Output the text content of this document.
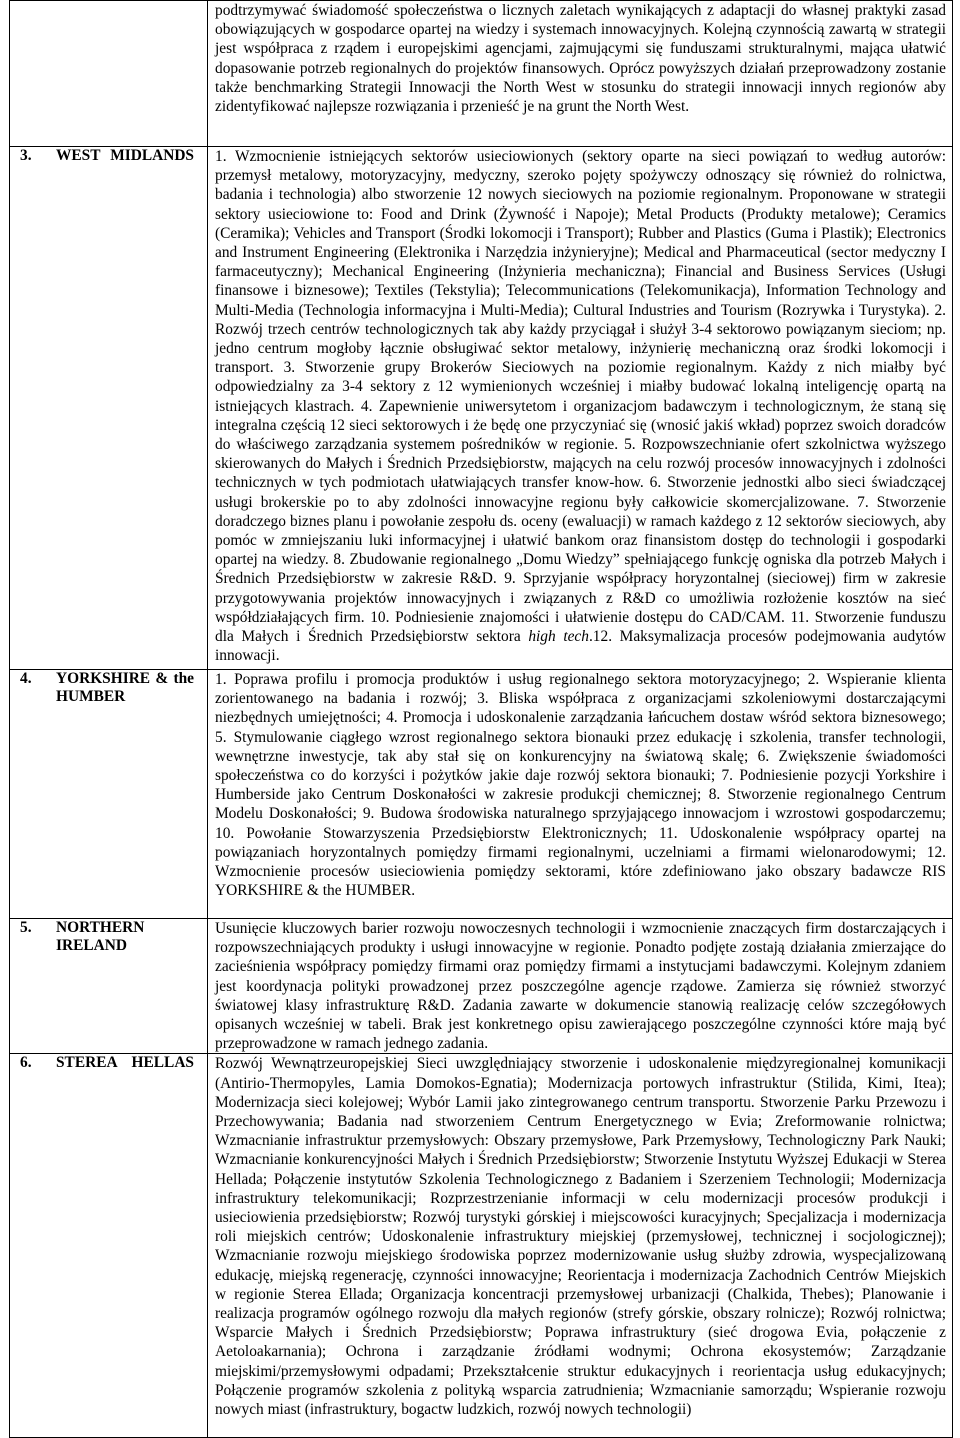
	podtrzymywać świadomość społeczeństwa o licznych zaletach wynikających z adaptacji do własnej praktyki zasad obowiązujących w gospodarce opartej na wiedzy i systemach innowacyjnych. Kolejną czynnością zawartą w strategii jest współpraca z rządem i europejskimi agencjami, zajmującymi się funduszami strukturalnymi, mająca ułatwić dopasowanie potrzeb regionalnych do projektów finansowych. Oprócz powyższych działań przeprowadzony zostanie także benchmarking Strategii Innowacji the North West w stosunku do strategii innowacji innych regionów aby zidentyfikować najlepsze rozwiązania i przenieść je na grunt the North West.

3. WEST MIDLANDS	1. Wzmocnienie istniejących sektorów usieciowionych (sektory oparte na sieci powiązań to według autorów: przemysł metalowy, motoryzacyjny, medyczny, szeroko pojęty spożywczy odnoszący się również do rolnictwa, badania i technologia) albo stworzenie 12 nowych sieciowych na poziomie regionalnym. Proponowane w strategii sektory usieciowione to: Food and Drink (Żywność i Napoje); Metal Products (Produkty metalowe); Ceramics (Ceramika); Vehicles and Transport (Środki lokomocji i Transport); Rubber and Plastics (Guma i Plastik); Electronics and Instrument Engineering (Elektronika i Narzędzia inżynieryjne); Medical and Pharmaceutical (sector medyczny I farmaceutyczny); Mechanical Engineering (Inżynieria mechaniczna); Financial and Business Services (Usługi finansowe i biznesowe); Textiles (Tekstylia); Telecommunications (Telekomunikacja), Information Technology and Multi-Media (Technologia informacyjna i Multi-Media); Cultural Industries and Tourism (Rozrywka i Turystyka). 2. Rozwój trzech centrów technologicznych tak aby każdy przyciągał i służył 3-4 sektorowo powiązanym sieciom; np. jedno centrum mogłoby łącznie obsługiwać sektor metalowy, inżynierię mechaniczną oraz środki lokomocji i transport. 3. Stworzenie grupy Brokerów Sieciowych na poziomie regionalnym. Każdy z nich miałby być odpowiedzialny za 3-4 sektory z 12 wymienionych wcześniej i miałby budować lokalną inteligencję opartą na istniejących klastrach. 4. Zapewnienie uniwersytetom i organizacjom badawczym i technologicznym, że staną się integralna częścią 12 sieci sektorowych i że będę one przyczyniać się (wnosić jakiś wkład) poprzez swoich doradców do właściwego zarządzania systemem pośredników w regionie. 5. Rozpowszechnianie ofert szkolnictwa wyższego skierowanych do Małych i Średnich Przedsiębiorstw, mających na celu rozwój procesów innowacyjnych i zdolności technicznych w tych podmiotach ułatwiających transfer know-how. 6. Stworzenie jednostki albo sieci świadczącej usługi brokerskie po to aby zdolności innowacyjne regionu były całkowicie skomercjalizowane. 7. Stworzenie doradczego biznes planu i powołanie zespołu ds. oceny (ewaluacji) w ramach każdego z 12 sektorów sieciowych, aby pomóc w zmniejszaniu luki informacyjnej i ułatwić bankom oraz finansistom dostęp do technologii i gospodarki opartej na wiedzy. 8. Zbudowanie regionalnego „Domu Wiedzy” spełniającego funkcję ogniska dla potrzeb Małych i Średnich Przedsiębiorstw w zakresie R&D. 9. Sprzyjanie współpracy horyzontalnej (sieciowej) firm w zakresie przygotowywania projektów innowacyjnych i związanych z R&D co umożliwia rozłożenie kosztów na sieć współdziałających firm. 10. Podniesienie znajomości i ułatwienie dostępu do CAD/CAM. 11. Stworzenie funduszu dla Małych i Średnich Przedsiębiorstw sektora high tech.12. Maksymalizacja procesów podejmowania audytów innowacji.

4. YORKSHIRE & the HUMBER	1. Poprawa profilu i promocja produktów i usług regionalnego sektora motoryzacyjnego; 2. Wspieranie klienta zorientowanego na badania i rozwój; 3. Bliska współpraca z organizacjami szkoleniowymi dostarczającymi niezbędnych umiejętności; 4. Promocja i udoskonalenie zarządzania łańcuchem dostaw wśród sektora biznesowego; 5. Stymulowanie ciągłego wzrost regionalnego sektora bionauki przez edukację i szkolenia, transfer technologii, wewnętrzne inwestycje, tak aby stał się on konkurencyjny na światową skalę; 6. Zwiększenie świadomości społeczeństwa co do korzyści i pożytków jakie daje rozwój sektora bionauki; 7. Podniesienie pozycji Yorkshire i Humberside jako Centrum Doskonałości w zakresie produkcji chemicznej; 8. Stworzenie regionalnego Centrum Modelu Doskonałości; 9. Budowa środowiska naturalnego sprzyjającego innowacjom i wzrostowi gospodarczemu; 10. Powołanie Stowarzyszenia Przedsiębiorstw Elektronicznych; 11. Udoskonalenie współpracy opartej na powiązaniach horyzontalnych pomiędzy firmami regionalnymi, uczelniami a firmami wielonarodowymi; 12. Wzmocnienie procesów usieciowienia pomiędzy sektorami, które zdefiniowano jako obszary badawcze RIS YORKSHIRE & the HUMBER.

5. NORTHERN IRELAND	Usunięcie kluczowych barier rozwoju nowoczesnych technologii i wzmocnienie znaczących firm dostarczających i rozpowszechniających produkty i usługi innowacyjne w regionie. Ponadto podjęte zostają działania zmierzające do zacieśnienia współpracy pomiędzy firmami oraz pomiędzy firmami a instytucjami badawczymi. Kolejnym zdaniem jest koordynacja polityki prowadzonej przez poszczególne agencje rządowe. Zamierza się również stworzyć światowej klasy infrastrukturę R&D. Zadania zawarte w dokumencie stanowią realizację celów szczegółowych opisanych wcześniej w tabeli. Brak jest konkretnego opisu zawierającego poszczególne czynności które mają być przeprowadzone w ramach jednego zadania.

6. STEREA HELLAS	Rozwój Wewnątrzeuropejskiej Sieci uwzględniający stworzenie i udoskonalenie międzyregionalnej komunikacji (Antirio-Thermopyles, Lamia Domokos-Egnatia); Modernizacja portowych infrastruktur (Stilida, Kimi, Itea); Modernizacja sieci kolejowej; Wybór Lamii jako zintegrowanego centrum transportu. Stworzenie Parku Przewozu i Przechowywania; Badania nad stworzeniem Centrum Energetycznego w Evia; Zreformowanie rolnictwa; Wzmacnianie infrastruktur przemysłowych: Obszary przemysłowe, Park Przemysłowy, Technologiczny Park Nauki; Wzmacnianie konkurencyjności Małych i Średnich Przedsiębiorstw; Stworzenie Instytutu Wyższej Edukacji w Sterea Hellada; Połączenie instytutów Szkolenia Technologicznego z Badaniem i Szerzeniem Technologii; Modernizacja infrastruktury telekomunikacji; Rozprzestrzenianie informacji w celu modernizacji procesów produkcji i usieciowienia przedsiębiorstw; Rozwój turystyki górskiej i miejscowości kuracyjnych; Specjalizacja i modernizacja roli miejskich centrów; Udoskonalenie infrastruktury miejskiej (przemysłowej, technicznej i socjologicznej); Wzmacnianie rozwoju miejskiego środowiska poprzez modernizowanie usług służby zdrowia, wyspecjalizowaną edukację, miejską regenerację, czynności innowacyjne; Reorientacja i modernizacja Zachodnich Centrów Miejskich w regionie Sterea Ellada; Organizacja koncentracji przemysłowej urbanizacji (Chalkida, Thebes); Planowanie i realizacja programów ogólnego rozwoju dla małych regionów (strefy górskie, obszary rolnicze); Rozwój rolnictwa; Wsparcie Małych i Średnich Przedsiębiorstw; Poprawa infrastruktury (sieć drogowa Evia, połączenie z Aetoloakarnania); Ochrona i zarządzanie źródłami wodnymi; Ochrona ekosystemów; Zarządzanie miejskimi/przemysłowymi odpadami; Przekształcenie struktur edukacyjnych i reorientacja usług edukacyjnych; Połączenie programów szkolenia z polityką wsparcia zatrudnienia; Wzmacnianie samorządu; Wspieranie rozwoju nowych miast (infrastruktury, bogactw ludzkich, rozwój nowych technologii)
